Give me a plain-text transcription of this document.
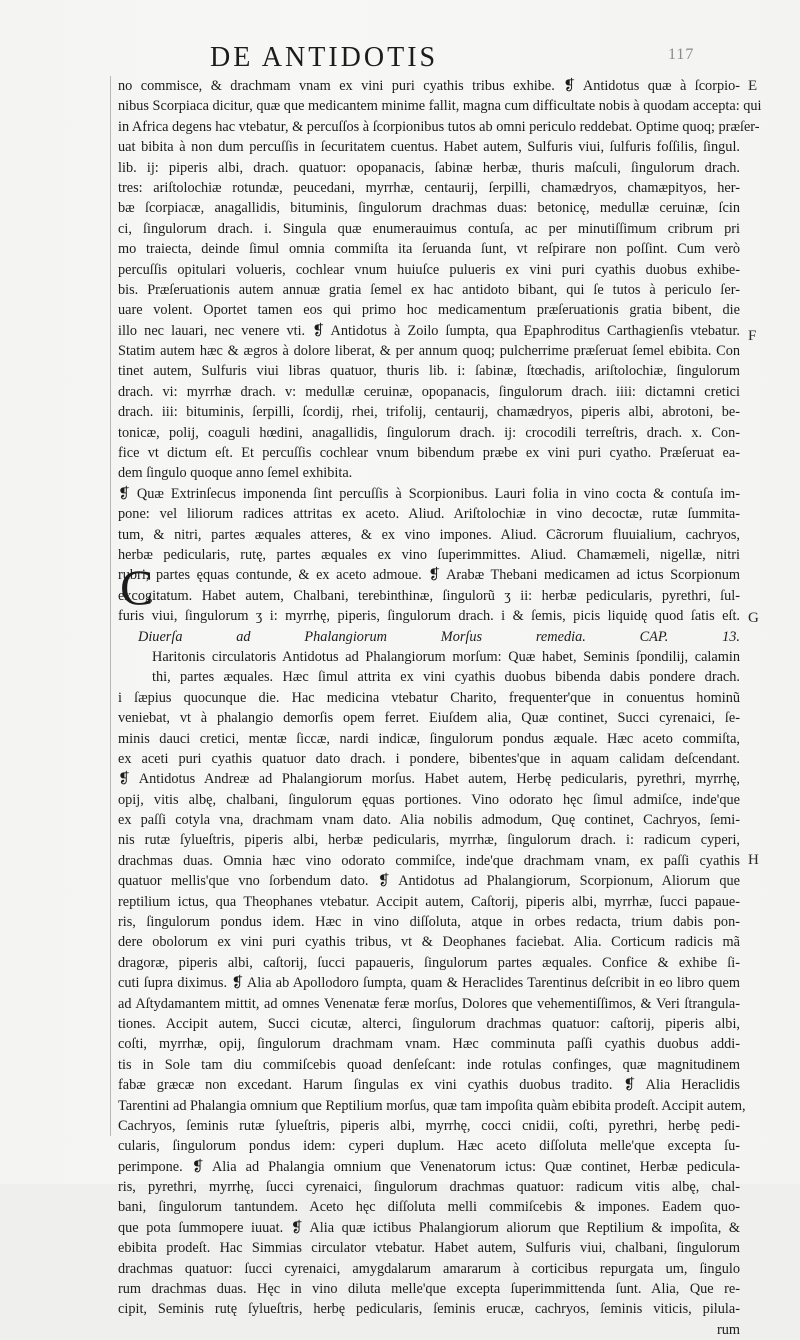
DE ANTIDOTIS	117
C
E
F
G
H
no commisce, & drachmam vnam ex vini puri cyathis tribus exhibe. ❡ Antidotus quæ à ſcorpio-
nibus Scorpiaca dicitur, quæ que medicantem minime fallit, magna cum difficultate nobis à quodam accepta: qui
in Africa degens hac vtebatur, & percuſſos à ſcorpionibus tutos ab omni periculo reddebat. Optime quoq; præſer-
uat bibita à non dum percuſſis in ſecuritatem cuentus. Habet autem, Sulfuris viui, ſulfuris foſſilis, ſingul.
lib. ij: piperis albi, drach. quatuor: opopanacis, ſabinæ herbæ, thuris maſculi, ſingulorum drach.
tres: ariſtolochiæ rotundæ, peucedani, myrrhæ, centaurij, ſerpilli, chamædryos, chamæpityos, her-
bæ ſcorpiacæ, anagallidis, bituminis, ſingulorum drachmas duas: betonicę, medullæ ceruinæ, ſcin
ci, ſingulorum drach. i. Singula quæ enumerauimus contuſa, ac per minutiſſimum cribrum pri
mo traiecta, deinde ſimul omnia commiſta ita ſeruanda ſunt, vt reſpirare non poſſint. Cum verò
percuſſis opitulari volueris, cochlear vnum huiuſce pulueris ex vini puri cyathis duobus exhibe-
bis. Præſeruationis autem annuæ gratia ſemel ex hac antidoto bibant, qui ſe tutos à periculo ſer-
uare volent. Oportet tamen eos qui primo hoc medicamentum præſeruationis gratia bibent, die
illo nec lauari, nec venere vti. ❡ Antidotus à Zoilo ſumpta, qua Epaphroditus Carthagienſis vtebatur.
Statim autem hæc & ægros à dolore liberat, & per annum quoq; pulcherrime præſeruat ſemel ebibita. Con
tinet autem, Sulfuris viui libras quatuor, thuris lib. i: ſabinæ, ſtœchadis, ariſtolochiæ, ſingulorum
drach. vi: myrrhæ drach. v: medullæ ceruinæ, opopanacis, ſingulorum drach. iiii: dictamni cretici
drach. iii: bituminis, ſerpilli, ſcordij, rhei, trifolij, centaurij, chamædryos, piperis albi, abrotoni, be-
tonicæ, polij, coaguli hœdini, anagallidis, ſingulorum drach. ij: crocodili terreſtris, drach. x. Con-
fice vt dictum eſt. Et percuſſis cochlear vnum bibendum præbe ex vini puri cyatho. Præſeruat ea-
dem ſingulo quoque anno ſemel exhibita.
❡ Quæ Extrinſecus imponenda ſint percuſſis à Scorpionibus. Lauri folia in vino cocta & contuſa im-
pone: vel liliorum radices attritas ex aceto. Aliud. Ariſtolochiæ in vino decoctæ, rutæ ſummita-
tum, & nitri, partes æquales atteres, & ex vino impones. Aliud. Cãcrorum fluuialium, cachryos,
herbæ pedicularis, rutę, partes æquales ex vino ſuperimmittes. Aliud. Chamæmeli, nigellæ, nitri
rubri, partes ęquas contunde, & ex aceto admoue. ❡ Arabæ Thebani medicamen ad ictus Scorpionum
excogitatum. Habet autem, Chalbani, terebinthinæ, ſingulorũ ʒ ii: herbæ pedicularis, pyrethri, ſul-
furis viui, ſingulorum ʒ i: myrrhę, piperis, ſingulorum drach. i & ſemis, picis liquidę quod ſatis eſt.
Diuerſa ad Phalangiorum Morſus remedia. CAP. 13.
Haritonis circulatoris Antidotus ad Phalangiorum morſum: Quæ habet, Seminis ſpondilij, calamin
thi, partes æquales. Hæc ſimul attrita ex vini cyathis duobus bibenda dabis pondere drach.
i ſæpius quocunque die. Hac medicina vtebatur Charito, frequenter'que in conuentus hominũ
veniebat, vt à phalangio demorſis opem ferret. Eiuſdem alia, Quæ continet, Succi cyrenaici, ſe-
minis dauci cretici, mentæ ſiccæ, nardi indicæ, ſingulorum pondus æquale. Hæc aceto commiſta,
ex aceti puri cyathis quatuor dato drach. i pondere, bibentes'que in aquam calidam deſcendant.
❡ Antidotus Andreæ ad Phalangiorum morſus. Habet autem, Herbę pedicularis, pyrethri, myrrhę,
opij, vitis albę, chalbani, ſingulorum ęquas portiones. Vino odorato hęc ſimul admiſce, inde'que
ex paſſi cotyla vna, drachmam vnam dato. Alia nobilis admodum, Quę continet, Cachryos, ſemi-
nis rutæ ſylueſtris, piperis albi, herbæ pedicularis, myrrhæ, ſingulorum drach. i: radicum cyperi,
drachmas duas. Omnia hæc vino odorato commiſce, inde'que drachmam vnam, ex paſſi cyathis
quatuor mellis'que vno ſorbendum dato. ❡ Antidotus ad Phalangiorum, Scorpionum, Aliorum que
reptilium ictus, qua Theophanes vtebatur. Accipit autem, Caſtorij, piperis albi, myrrhæ, ſucci papaue-
ris, ſingulorum pondus idem. Hæc in vino diſſoluta, atque in orbes redacta, trium dabis pon-
dere obolorum ex vini puri cyathis tribus, vt & Deophanes faciebat. Alia. Corticum radicis mã
dragoræ, piperis albi, caſtorij, ſucci papaueris, ſingulorum partes æquales. Confice & exhibe ſi-
cuti ſupra diximus. ❡ Alia ab Apollodoro ſumpta, quam & Heraclides Tarentinus deſcribit in eo libro quem
ad Aſtydamantem mittit, ad omnes Venenatæ feræ morſus, Dolores que vehementiſſimos, & Veri ſtrangula-
tiones. Accipit autem, Succi cicutæ, alterci, ſingulorum drachmas quatuor: caſtorij, piperis albi,
coſti, myrrhæ, opij, ſingulorum drachmam vnam. Hæc comminuta paſſi cyathis duobus addi-
tis in Sole tam diu commiſcebis quoad denſeſcant: inde rotulas confinges, quæ magnitudinem
fabæ græcæ non excedant. Harum ſingulas ex vini cyathis duobus tradito. ❡ Alia Heraclidis
Tarentini ad Phalangia omnium que Reptilium morſus, quæ tam impoſita quàm ebibita prodeſt. Accipit autem,
Cachryos, ſeminis rutæ ſylueſtris, piperis albi, myrrhę, cocci cnidii, coſti, pyrethri, herbę pedi-
cularis, ſingulorum pondus idem: cyperi duplum. Hæc aceto diſſoluta melle'que excepta ſu-
perimpone. ❡ Alia ad Phalangia omnium que Venenatorum ictus: Quæ continet, Herbæ pedicula-
ris, pyrethri, myrrhę, ſucci cyrenaici, ſingulorum drachmas quatuor: radicum vitis albę, chal-
bani, ſingulorum tantundem. Aceto hęc diſſoluta melli commiſcebis & impones. Eadem quo-
que pota ſummopere iuuat. ❡ Alia quæ ictibus Phalangiorum aliorum que Reptilium & impoſita, &
ebibita prodeſt. Hac Simmias circulator vtebatur. Habet autem, Sulfuris viui, chalbani, ſingulorum
drachmas quatuor: ſucci cyrenaici, amygdalarum amararum à corticibus repurgata um, ſingulo
rum drachmas duas. Hęc in vino diluta melle'que excepta ſuperimmittenda ſunt. Alia, Que re-
cipit, Seminis rutę ſylueſtris, herbę pedicularis, ſeminis erucæ, cachryos, ſeminis viticis, pilula-
rum
